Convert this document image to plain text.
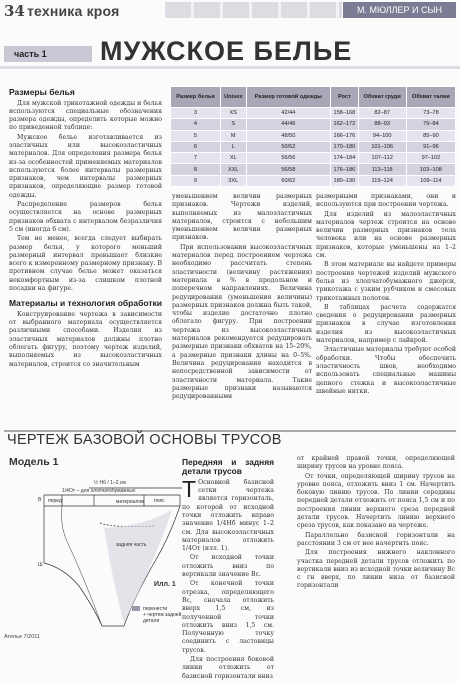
34 техника кроя	М. МЮЛЛЕР И СЫН
часть 1	МУЖСКОЕ БЕЛЬЕ
Размеры белья

Для мужской трикотажной одежды и белья используются специальные обозначения размера одежды, определить которые можно по приведенной таблице:

Мужское белье изготавливается из эластичных или высокоэластичных материалов. Для определения размера белья из-за особенностей применяемых материалов используются более интервалы размерных признаков, чем интервалы размерных признаков, определяющие размер готовой одежды.

Распределение размеров белья осуществляется на основе размерных признаков обхвата с интервалом безразличия 5 см (иногда 6 см).

Тем не менее, всегда следует выбирать размер белья, у которого меньший размерный интервал превышает близкие всего к измеренному размерному признаку. В противном случае белье может оказаться некомфортным из-за слишком плотной посадки на фигуре.

Материалы и технология обработки

Конструирование чертежа в зависимости от выбранного материала осуществляется различными способами. Изделия из эластичных материалов должны плотно облегать фигуру, поэтому чертеж изделий, выполняемых из высокоэластичных материалов, строится со значительным

Размер белья	Unisex	Размер готовой одежды	Рост	Обхват груди	Обхват талии
3	XS	42/44	158–168	82–87	73–78
4	S	44/46	162–172	88–93	79–84
5	M	48/50	166–176	94–100	85–90
6	L	50/52	170–180	101–106	91–96
7	XL	56/56	174–184	107–112	97–102
8	XXL	56/58	176–186	113–118	103–108
9	3XL	60/62	180–190	119–124	109–114

уменьшением величин размерных признаков. Чертежи изделий, выполняемых из малоэластичных материалов, строится с небольшим уменьшением величин размерных признаков.

При использовании высокоэластичных материалов перед построением чертежа необходимо рассчитать степень эластичности (величину растяжения) материала в % в продольном и поперечном направлениях. Величина редуцирования (уменьшения величины) размерных признаков должна быть такой, чтобы изделие достаточно плотно облегало фигуру. При построении чертежа из высокоэластичных материалов рекомендуется редуцировать размерные признаки обхватов на 15–20%, а размерные признаки длины на 0–5%. Величина редуцирования находится в непосредственной зависимости от эластичности материала. Такие размерные признаки называются редуцированными

размерными признаками, они и используются при построении чертежа.

Для изделий из малоэластичных материалов чертеж строится на основе величин размерных признаков тела человека или на основе размерных признаков, которые уменьшены на 1–2 см.

В этом материале вы найдете примеры построения чертежей изделий мужского белья из хлопчатобумажного джерси, трикотажа с узким рубчиком и смесовых трикотажных полотен.

В таблицах расчета содержатся сведения о редуцировании размерных признаков в случае изготовления изделия из высокоэластичных материалов, например с лайкрой.

Эластичные материалы требуют особой обработки. Чтобы обеспечить эластичность швов, необходимо использовать специальные машины цепного стежка и высокоэластичные швейные нитки.

ЧЕРТЕЖ БАЗОВОЙ ОСНОВЫ ТРУСОВ
Модель 1
½ Нб / 1–2 см
1/4Oт – для хлопчатобумажных
материалов
перед	пояс
задняя часть
В
Ш
Илл. 1
перенести
+ чертеж задней
детали
Передняя и задняя детали трусов

Т Основной базисной сетки чертежа является горизонталь, по которой от исходной точки отложить вправо значение 1/4Нб минус 1–2 см. Для высокоэластичных материалов отложить 1/4Oт (илл. 1).

От исходной точки отложить вниз по вертикали значение Вс.

От конечной точки отрезка, определяющего Вс, сначала отложить вверх 1,5 см, из полученной точки отложить вниз 1,5 см. Полученную точку соединить с ластовицы трусов.

Для построения боковой линии отложить от базисной горизонтали вниз

от крайней правой точки, определяющей ширину трусов на уровне пояса.

От точки, определяющей ширину трусов на уровне пояса, отложить вниз 1 см. Начертить боковую линию трусов. По линии середины передней детали отложить от пояса 1,5 см и по построения линии верхнего среза передней детали трусов. Начертить линию верхнего среза трусов, как показано на чертеже.

Параллельно базисной горизонтали на расстоянии 3 см от нее начертить пояс.

Для построения нижнего наклонного участка передней детали трусов отложить по вертикали вниз из исходной точки величину Вс с гн вверх, по линии низа от базисной горизонтали

Ателье 7/2011
